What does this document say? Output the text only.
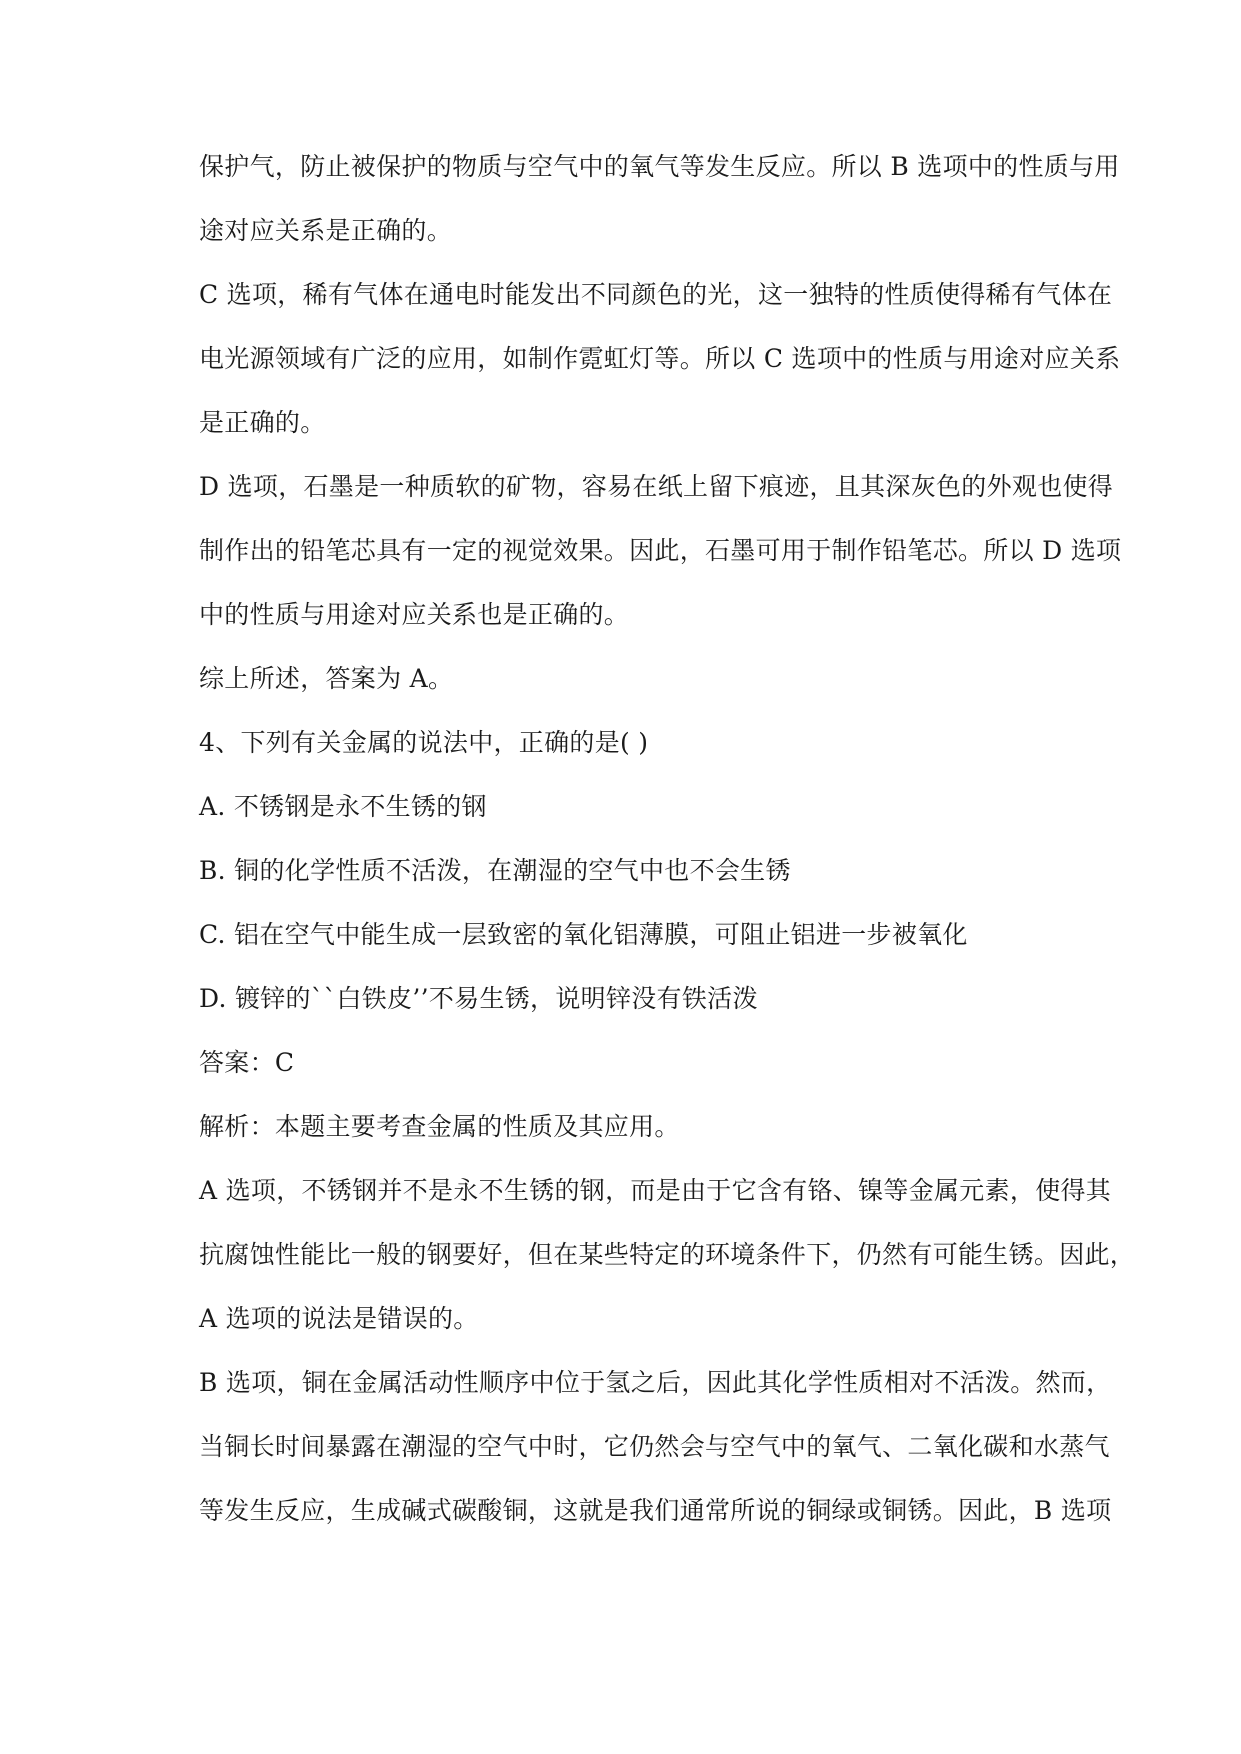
保护气，防止被保护的物质与空气中的氧气等发生反应。所以 B 选项中的性质与用
途对应关系是正确的。
C 选项，稀有气体在通电时能发出不同颜色的光，这一独特的性质使得稀有气体在
电光源领域有广泛的应用，如制作霓虹灯等。所以 C 选项中的性质与用途对应关系
是正确的。
D 选项，石墨是一种质软的矿物，容易在纸上留下痕迹，且其深灰色的外观也使得
制作出的铅笔芯具有一定的视觉效果。因此，石墨可用于制作铅笔芯。所以 D 选项
中的性质与用途对应关系也是正确的。
综上所述，答案为 A。
4、下列有关金属的说法中，正确的是( )
A. 不锈钢是永不生锈的钢
B. 铜的化学性质不活泼，在潮湿的空气中也不会生锈
C. 铝在空气中能生成一层致密的氧化铝薄膜，可阻止铝进一步被氧化
D. 镀锌的``白铁皮’’不易生锈，说明锌没有铁活泼
答案：C
解析：本题主要考查金属的性质及其应用。
A 选项，不锈钢并不是永不生锈的钢，而是由于它含有铬、镍等金属元素，使得其
抗腐蚀性能比一般的钢要好，但在某些特定的环境条件下，仍然有可能生锈。因此，
A 选项的说法是错误的。
B 选项，铜在金属活动性顺序中位于氢之后，因此其化学性质相对不活泼。然而，
当铜长时间暴露在潮湿的空气中时，它仍然会与空气中的氧气、二氧化碳和水蒸气
等发生反应，生成碱式碳酸铜，这就是我们通常所说的铜绿或铜锈。因此，B 选项
